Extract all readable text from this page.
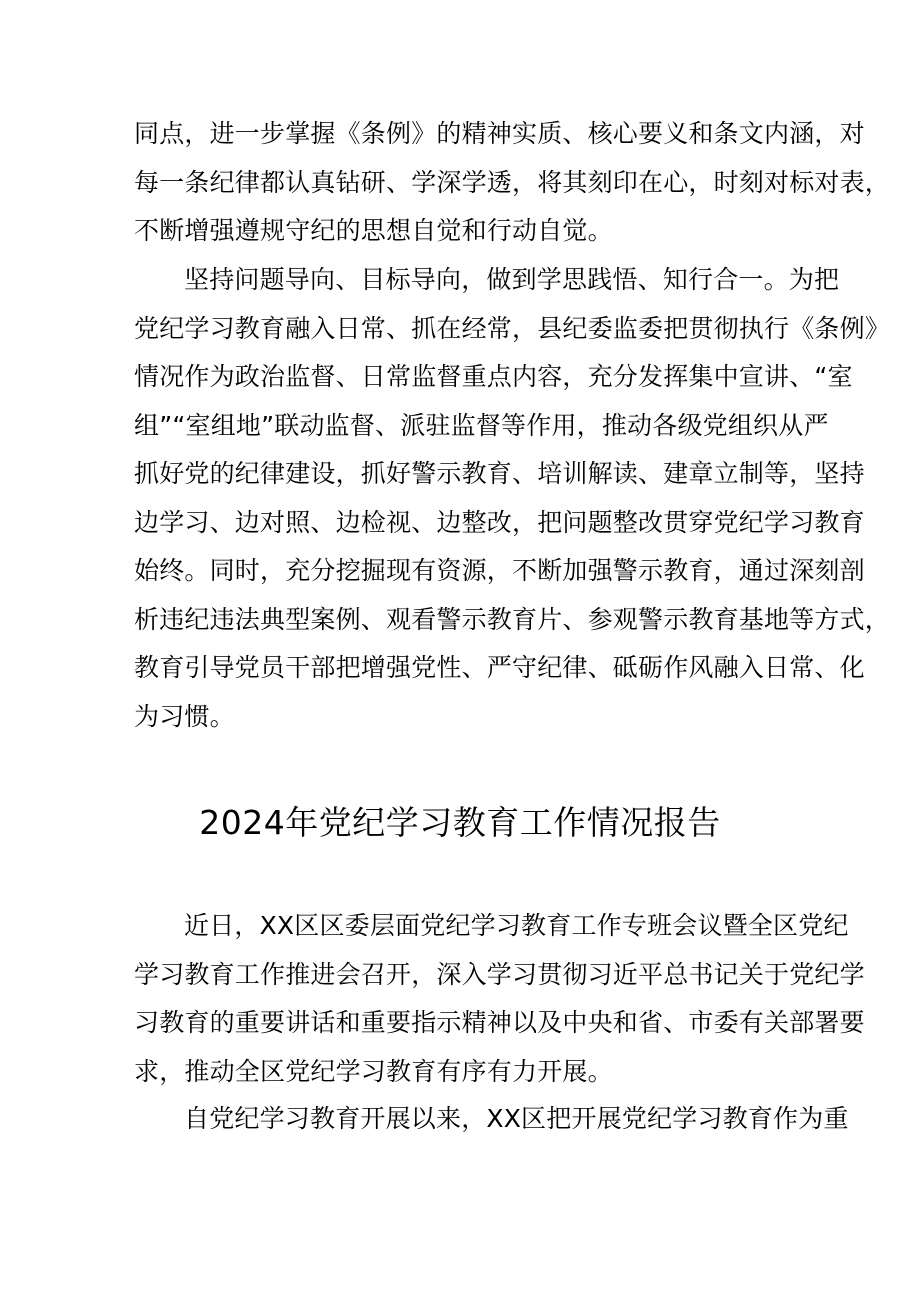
同点，进一步掌握《条例》的精神实质、核心要义和条文内涵，对
每一条纪律都认真钻研、学深学透，将其刻印在心，时刻对标对表，
不断增强遵规守纪的思想自觉和行动自觉。

坚持问题导向、目标导向，做到学思践悟、知行合一。为把
党纪学习教育融入日常、抓在经常，县纪委监委把贯彻执行《条例》
情况作为政治监督、日常监督重点内容，充分发挥集中宣讲、“室
组”“室组地”联动监督、派驻监督等作用，推动各级党组织从严
抓好党的纪律建设，抓好警示教育、培训解读、建章立制等，坚持
边学习、边对照、边检视、边整改，把问题整改贯穿党纪学习教育
始终。同时，充分挖掘现有资源，不断加强警示教育，通过深刻剖
析违纪违法典型案例、观看警示教育片、参观警示教育基地等方式，
教育引导党员干部把增强党性、严守纪律、砥砺作风融入日常、化
为习惯。

2024年党纪学习教育工作情况报告

近日，XX区区委层面党纪学习教育工作专班会议暨全区党纪
学习教育工作推进会召开，深入学习贯彻习近平总书记关于党纪学
习教育的重要讲话和重要指示精神以及中央和省、市委有关部署要
求，推动全区党纪学习教育有序有力开展。

自党纪学习教育开展以来，XX区把开展党纪学习教育作为重
